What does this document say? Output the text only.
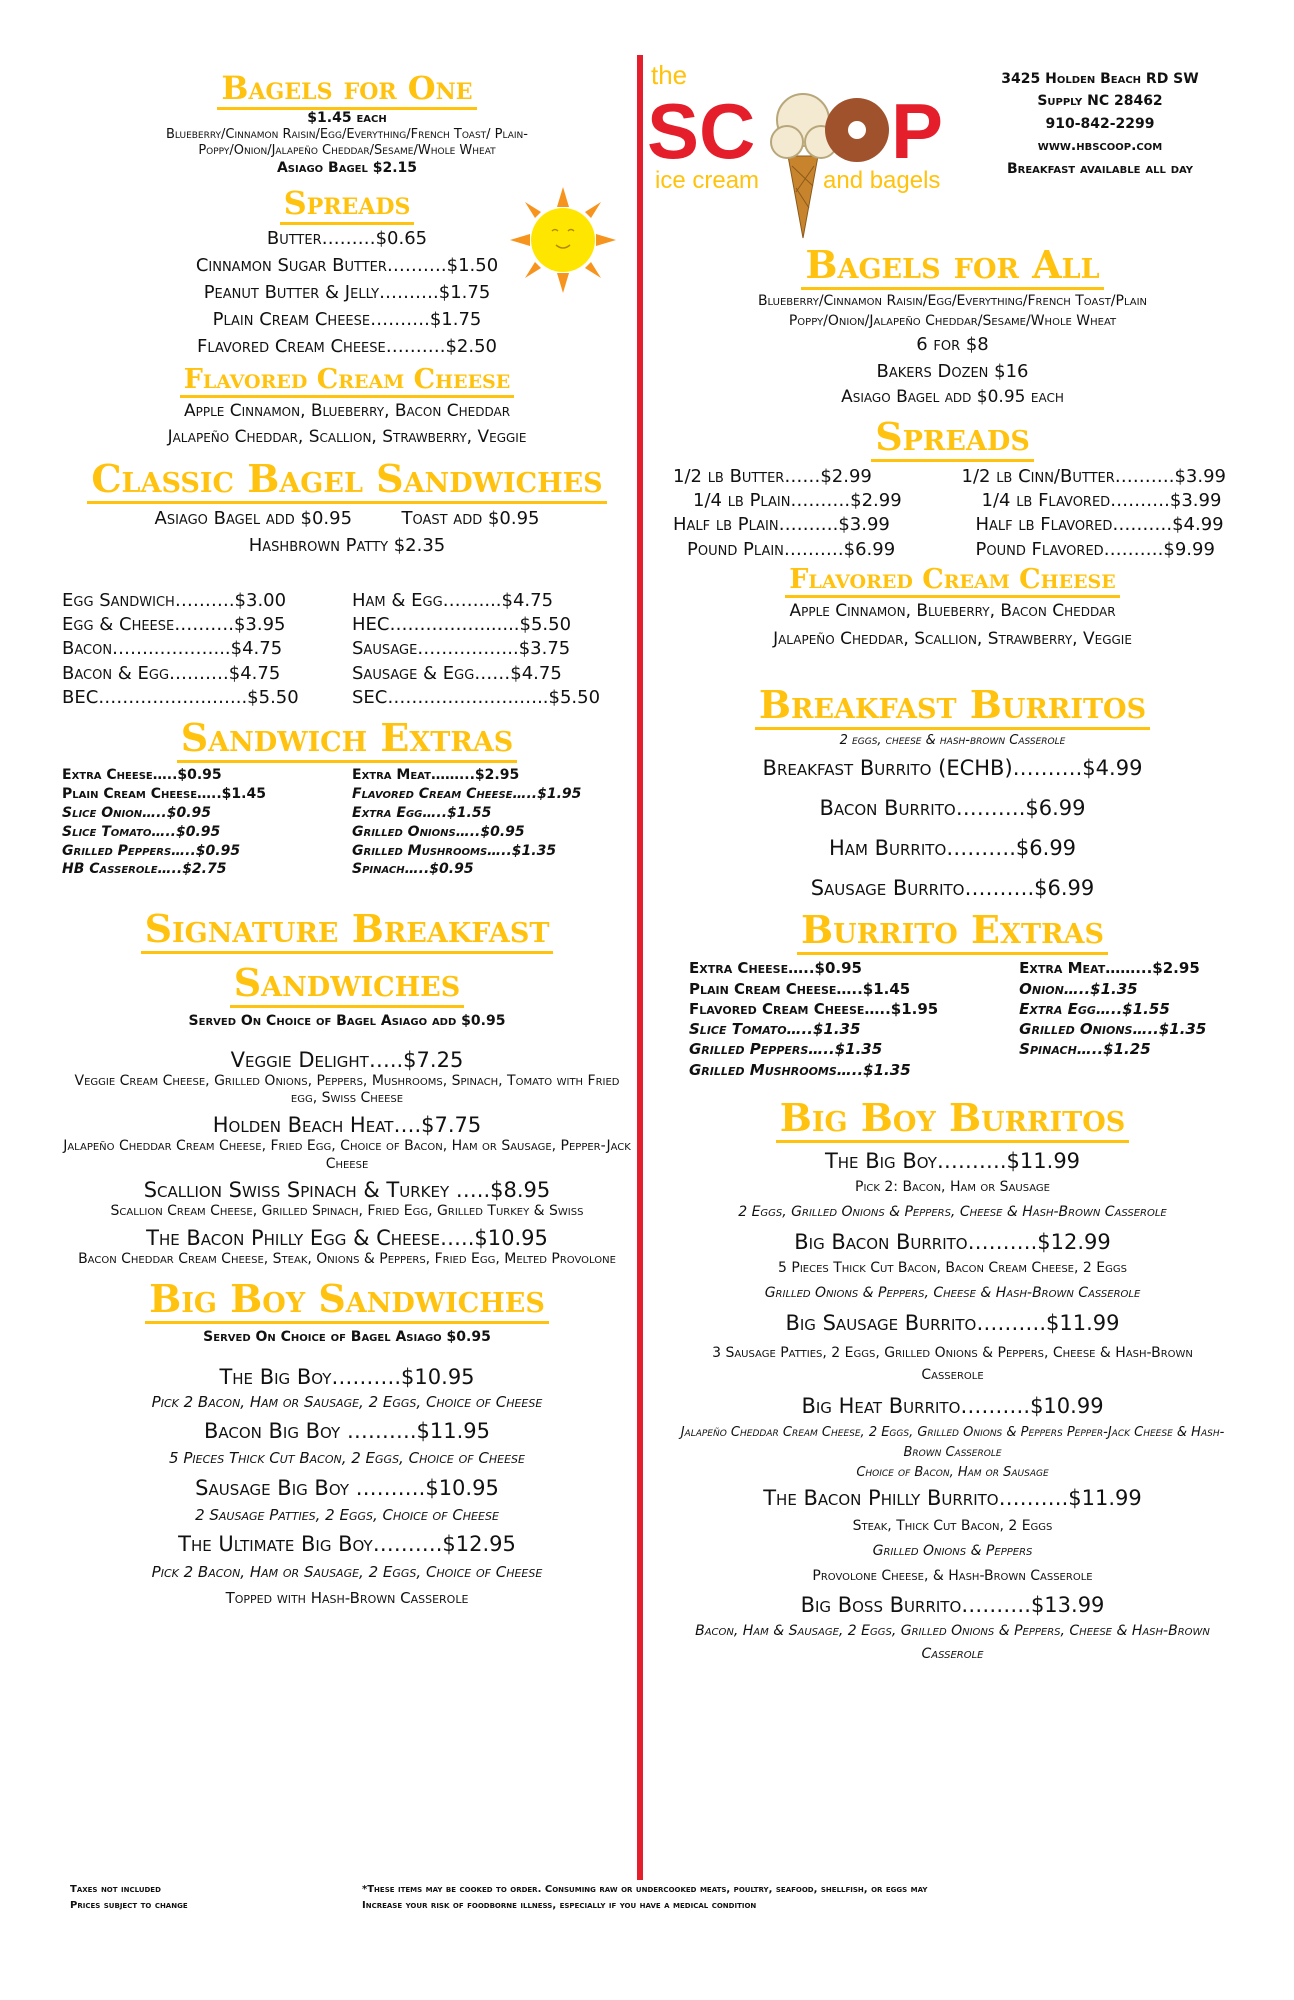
the
SC P
ice cream	and bagels
3425 Holden Beach RD SW
Supply NC 28462
910-842-2299
www.hbscoop.com
Breakfast available all day
Bagels for One
$1.45 each
Blueberry/Cinnamon Raisin/Egg/Everything/French Toast/ Plain-
Poppy/Onion/Jalapeño Cheddar/Sesame/Whole Wheat
Asiago Bagel $2.15
Spreads
Butter………$0.65
Cinnamon Sugar Butter……….$1.50
Peanut Butter & Jelly……….$1.75
Plain Cream Cheese……….$1.75
Flavored Cream Cheese……….$2.50
Flavored Cream Cheese
Apple Cinnamon, Blueberry, Bacon Cheddar
Jalapeño Cheddar, Scallion, Strawberry, Veggie
Classic Bagel Sandwiches
Asiago Bagel add $0.95	Toast add $0.95
Hashbrown Patty $2.35
Egg Sandwich……….$3.00	Ham & Egg……....$4.75
Egg & Cheese……….$3.95	HEC…………….......$5.50
Bacon……..………...$4.75	Sausage……………..$3.75
Bacon & Egg……….$4.75	Sausage & Egg……$4.75
BEC……………….…...$5.50	SEC………………….…..$5.50
Sandwich Extras
Extra Cheese…..$0.95	Extra Meat……...$2.95
Plain Cream Cheese…..$1.45	Flavored Cream Cheese…..$1.95
Slice Onion…..$0.95	Extra Egg…..$1.55
Slice Tomato…..$0.95	Grilled Onions…..$0.95
Grilled Peppers…..$0.95	Grilled Mushrooms…..$1.35
HB Casserole…..$2.75	Spinach…..$0.95
Signature Breakfast
Sandwiches
Served On Choice of Bagel Asiago add $0.95
Veggie Delight…..$7.25
Veggie Cream Cheese, Grilled Onions, Peppers, Mushrooms, Spinach, Tomato with Fried egg, Swiss Cheese
Holden Beach Heat….$7.75
Jalapeño Cheddar Cream Cheese, Fried Egg, Choice of Bacon, Ham or Sausage, Pepper-Jack Cheese
Scallion Swiss Spinach & Turkey …..$8.95
Scallion Cream Cheese, Grilled Spinach, Fried Egg, Grilled Turkey & Swiss
The Bacon Philly Egg & Cheese…..$10.95
Bacon Cheddar Cream Cheese, Steak, Onions & Peppers, Fried Egg, Melted Provolone
Big Boy Sandwiches
Served On Choice of Bagel Asiago $0.95
The Big Boy……….$10.95
Pick 2 Bacon, Ham or Sausage, 2 Eggs, Choice of Cheese
Bacon Big Boy ……….$11.95
5 Pieces Thick Cut Bacon, 2 Eggs, Choice of Cheese
Sausage Big Boy ……….$10.95
2 Sausage Patties, 2 Eggs, Choice of Cheese
The Ultimate Big Boy……….$12.95
Pick 2 Bacon, Ham or Sausage, 2 Eggs, Choice of Cheese
Topped with Hash-Brown Casserole
Bagels for All
Blueberry/Cinnamon Raisin/Egg/Everything/French Toast/Plain
Poppy/Onion/Jalapeño Cheddar/Sesame/Whole Wheat
6 for $8
Bakers Dozen $16
Asiago Bagel add $0.95 each
Spreads
1/2 lb Butter……$2.99	1/2 lb Cinn/Butter……….$3.99
1/4 lb Plain……….$2.99	1/4 lb Flavored……….$3.99
Half lb Plain……….$3.99	Half lb Flavored……….$4.99
Pound Plain……….$6.99	Pound Flavored……….$9.99
Flavored Cream Cheese
Apple Cinnamon, Blueberry, Bacon Cheddar
Jalapeño Cheddar, Scallion, Strawberry, Veggie
Breakfast Burritos
2 eggs, cheese & hash-brown Casserole
Breakfast Burrito (ECHB)……….$4.99
Bacon Burrito……….$6.99
Ham Burrito……….$6.99
Sausage Burrito……….$6.99
Burrito Extras
Extra Cheese…..$0.95	Extra Meat……...$2.95
Plain Cream Cheese…..$1.45	Onion…..$1.35
Flavored Cream Cheese…..$1.95	Extra Egg…..$1.55
Slice Tomato…..$1.35	Grilled Onions…..$1.35
Grilled Peppers…..$1.35	Spinach…..$1.25
Grilled Mushrooms…..$1.35
Big Boy Burritos
The Big Boy……….$11.99
Pick 2: Bacon, Ham or Sausage
2 Eggs, Grilled Onions & Peppers, Cheese & Hash-Brown Casserole
Big Bacon Burrito……….$12.99
5 Pieces Thick Cut Bacon, Bacon Cream Cheese, 2 Eggs
Grilled Onions & Peppers, Cheese & Hash-Brown Casserole
Big Sausage Burrito……….$11.99
3 Sausage Patties, 2 Eggs, Grilled Onions & Peppers, Cheese & Hash-Brown Casserole
Big Heat Burrito……….$10.99
Jalapeño Cheddar Cream Cheese, 2 Eggs, Grilled Onions & Peppers Pepper-Jack Cheese & Hash-Brown Casserole
Choice of Bacon, Ham or Sausage
The Bacon Philly Burrito……….$11.99
Steak, Thick Cut Bacon, 2 Eggs
Grilled Onions & Peppers
Provolone Cheese, & Hash-Brown Casserole
Big Boss Burrito……….$13.99
Bacon, Ham & Sausage, 2 Eggs, Grilled Onions & Peppers, Cheese & Hash-Brown Casserole
Taxes not included
Prices subject to change
*These items may be cooked to order. Consuming raw or undercooked meats, poultry, seafood, shellfish, or eggs may
Increase your risk of foodborne illness, especially if you have a medical condition
